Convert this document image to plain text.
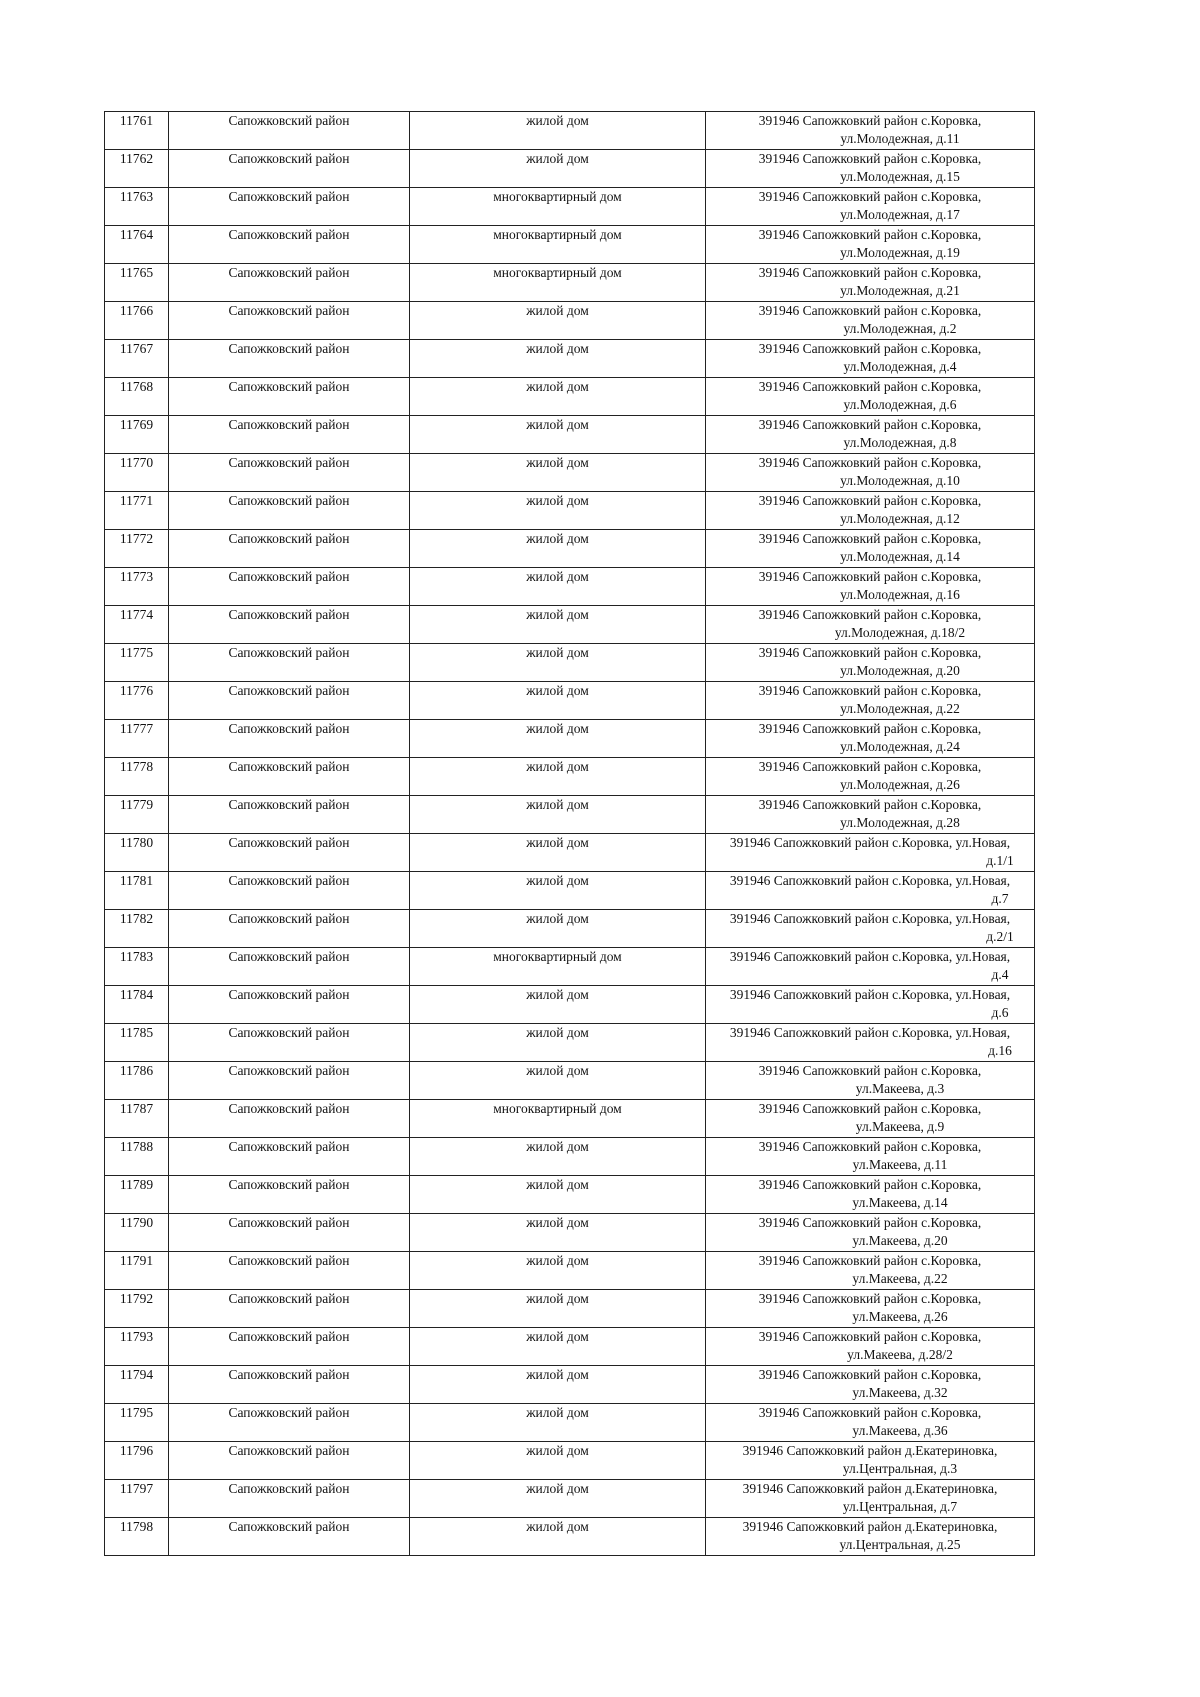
11761	Сапожковский район	жилой дом	391946 Сапожковкий район с.Коровка,
ул.Молодежная, д.11

11762	Сапожковский район	жилой дом	391946 Сапожковкий район с.Коровка,
ул.Молодежная, д.15

11763	Сапожковский район	многоквартирный дом	391946 Сапожковкий район с.Коровка,
ул.Молодежная, д.17

11764	Сапожковский район	многоквартирный дом	391946 Сапожковкий район с.Коровка,
ул.Молодежная, д.19

11765	Сапожковский район	многоквартирный дом	391946 Сапожковкий район с.Коровка,
ул.Молодежная, д.21

11766	Сапожковский район	жилой дом	391946 Сапожковкий район с.Коровка,
ул.Молодежная, д.2

11767	Сапожковский район	жилой дом	391946 Сапожковкий район с.Коровка,
ул.Молодежная, д.4

11768	Сапожковский район	жилой дом	391946 Сапожковкий район с.Коровка,
ул.Молодежная, д.6

11769	Сапожковский район	жилой дом	391946 Сапожковкий район с.Коровка,
ул.Молодежная, д.8

11770	Сапожковский район	жилой дом	391946 Сапожковкий район с.Коровка,
ул.Молодежная, д.10

11771	Сапожковский район	жилой дом	391946 Сапожковкий район с.Коровка,
ул.Молодежная, д.12

11772	Сапожковский район	жилой дом	391946 Сапожковкий район с.Коровка,
ул.Молодежная, д.14

11773	Сапожковский район	жилой дом	391946 Сапожковкий район с.Коровка,
ул.Молодежная, д.16

11774	Сапожковский район	жилой дом	391946 Сапожковкий район с.Коровка,
ул.Молодежная, д.18/2

11775	Сапожковский район	жилой дом	391946 Сапожковкий район с.Коровка,
ул.Молодежная, д.20

11776	Сапожковский район	жилой дом	391946 Сапожковкий район с.Коровка,
ул.Молодежная, д.22

11777	Сапожковский район	жилой дом	391946 Сапожковкий район с.Коровка,
ул.Молодежная, д.24

11778	Сапожковский район	жилой дом	391946 Сапожковкий район с.Коровка,
ул.Молодежная, д.26

11779	Сапожковский район	жилой дом	391946 Сапожковкий район с.Коровка,
ул.Молодежная, д.28

11780	Сапожковский район	жилой дом	391946 Сапожковкий район с.Коровка, ул.Новая,
д.1/1

11781	Сапожковский район	жилой дом	391946 Сапожковкий район с.Коровка, ул.Новая,
д.7

11782	Сапожковский район	жилой дом	391946 Сапожковкий район с.Коровка, ул.Новая,
д.2/1

11783	Сапожковский район	многоквартирный дом	391946 Сапожковкий район с.Коровка, ул.Новая,
д.4

11784	Сапожковский район	жилой дом	391946 Сапожковкий район с.Коровка, ул.Новая,
д.6

11785	Сапожковский район	жилой дом	391946 Сапожковкий район с.Коровка, ул.Новая,
д.16

11786	Сапожковский район	жилой дом	391946 Сапожковкий район с.Коровка,
ул.Макеева, д.3

11787	Сапожковский район	многоквартирный дом	391946 Сапожковкий район с.Коровка,
ул.Макеева, д.9

11788	Сапожковский район	жилой дом	391946 Сапожковкий район с.Коровка,
ул.Макеева, д.11

11789	Сапожковский район	жилой дом	391946 Сапожковкий район с.Коровка,
ул.Макеева, д.14

11790	Сапожковский район	жилой дом	391946 Сапожковкий район с.Коровка,
ул.Макеева, д.20

11791	Сапожковский район	жилой дом	391946 Сапожковкий район с.Коровка,
ул.Макеева, д.22

11792	Сапожковский район	жилой дом	391946 Сапожковкий район с.Коровка,
ул.Макеева, д.26

11793	Сапожковский район	жилой дом	391946 Сапожковкий район с.Коровка,
ул.Макеева, д.28/2

11794	Сапожковский район	жилой дом	391946 Сапожковкий район с.Коровка,
ул.Макеева, д.32

11795	Сапожковский район	жилой дом	391946 Сапожковкий район с.Коровка,
ул.Макеева, д.36

11796	Сапожковский район	жилой дом	391946 Сапожковкий район д.Екатериновка,
ул.Центральная, д.3

11797	Сапожковский район	жилой дом	391946 Сапожковкий район д.Екатериновка,
ул.Центральная, д.7

11798	Сапожковский район	жилой дом	391946 Сапожковкий район д.Екатериновка,
ул.Центральная, д.25
